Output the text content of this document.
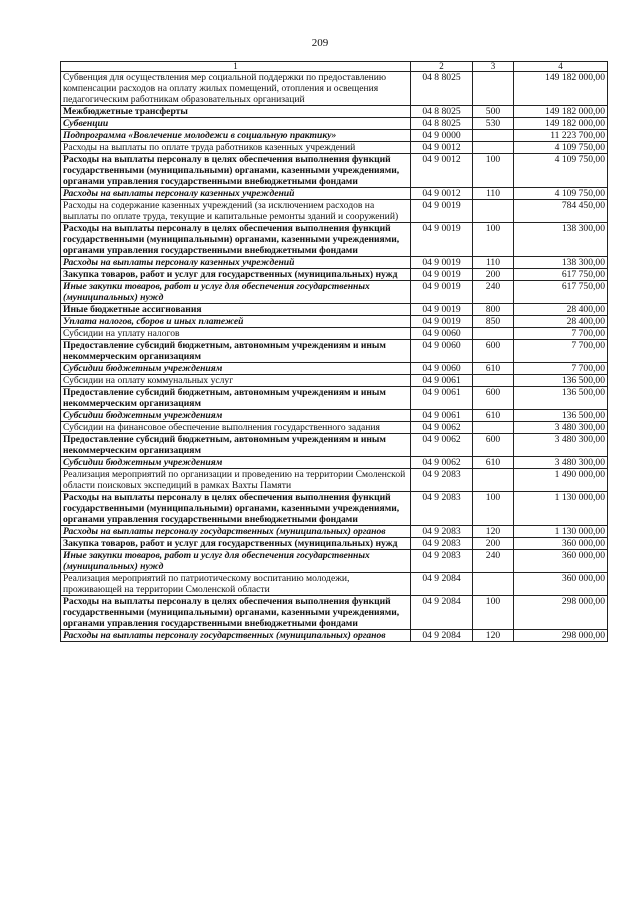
209
1	2	3	4
Субвенция для осуществления мер социальной поддержки по предоставлению компенсации расходов на оплату жилых помещений, отопления и освещения педагогическим работникам образовательных организаций	04 8 8025		149 182 000,00
Межбюджетные трансферты	04 8 8025	500	149 182 000,00
Субвенции	04 8 8025	530	149 182 000,00
Подпрограмма «Вовлечение молодежи в социальную практику»	04 9 0000		11 223 700,00
Расходы на выплаты по оплате труда работников казенных учреждений	04 9 0012		4 109 750,00
Расходы на выплаты персоналу в целях обеспечения выполнения функций государственными (муниципальными) органами, казенными учреждениями, органами управления государственными внебюджетными фондами	04 9 0012	100	4 109 750,00
Расходы на выплаты персоналу казенных учреждений	04 9 0012	110	4 109 750,00
Расходы на содержание казенных учреждений (за исключением расходов на выплаты по оплате труда, текущие и капитальные ремонты зданий и сооружений)	04 9 0019		784 450,00
Расходы на выплаты персоналу в целях обеспечения выполнения функций государственными (муниципальными) органами, казенными учреждениями, органами управления государственными внебюджетными фондами	04 9 0019	100	138 300,00
Расходы на выплаты персоналу казенных учреждений	04 9 0019	110	138 300,00
Закупка товаров, работ и услуг для государственных (муниципальных) нужд	04 9 0019	200	617 750,00
Иные закупки товаров, работ и услуг для обеспечения государственных (муниципальных) нужд	04 9 0019	240	617 750,00
Иные бюджетные ассигнования	04 9 0019	800	28 400,00
Уплата налогов, сборов и иных платежей	04 9 0019	850	28 400,00
Субсидии на уплату налогов	04 9 0060		7 700,00
Предоставление субсидий бюджетным, автономным учреждениям и иным некоммерческим организациям	04 9 0060	600	7 700,00
Субсидии бюджетным учреждениям	04 9 0060	610	7 700,00
Субсидии на оплату коммунальных услуг	04 9 0061		136 500,00
Предоставление субсидий бюджетным, автономным учреждениям и иным некоммерческим организациям	04 9 0061	600	136 500,00
Субсидии бюджетным учреждениям	04 9 0061	610	136 500,00
Субсидии на финансовое обеспечение выполнения государственного задания	04 9 0062		3 480 300,00
Предоставление субсидий бюджетным, автономным учреждениям и иным некоммерческим организациям	04 9 0062	600	3 480 300,00
Субсидии бюджетным учреждениям	04 9 0062	610	3 480 300,00
Реализация мероприятий по организации и проведению на территории Смоленской области поисковых экспедиций в рамках Вахты Памяти	04 9 2083		1 490 000,00
Расходы на выплаты персоналу в целях обеспечения выполнения функций государственными (муниципальными) органами, казенными учреждениями, органами управления государственными внебюджетными фондами	04 9 2083	100	1 130 000,00
Расходы на выплаты персоналу государственных (муниципальных) органов	04 9 2083	120	1 130 000,00
Закупка товаров, работ и услуг для государственных (муниципальных) нужд	04 9 2083	200	360 000,00
Иные закупки товаров, работ и услуг для обеспечения государственных (муниципальных) нужд	04 9 2083	240	360 000,00
Реализация мероприятий по патриотическому воспитанию молодежи, проживающей на территории Смоленской области	04 9 2084		360 000,00
Расходы на выплаты персоналу в целях обеспечения выполнения функций государственными (муниципальными) органами, казенными учреждениями, органами управления государственными внебюджетными фондами	04 9 2084	100	298 000,00
Расходы на выплаты персоналу государственных (муниципальных) органов	04 9 2084	120	298 000,00
